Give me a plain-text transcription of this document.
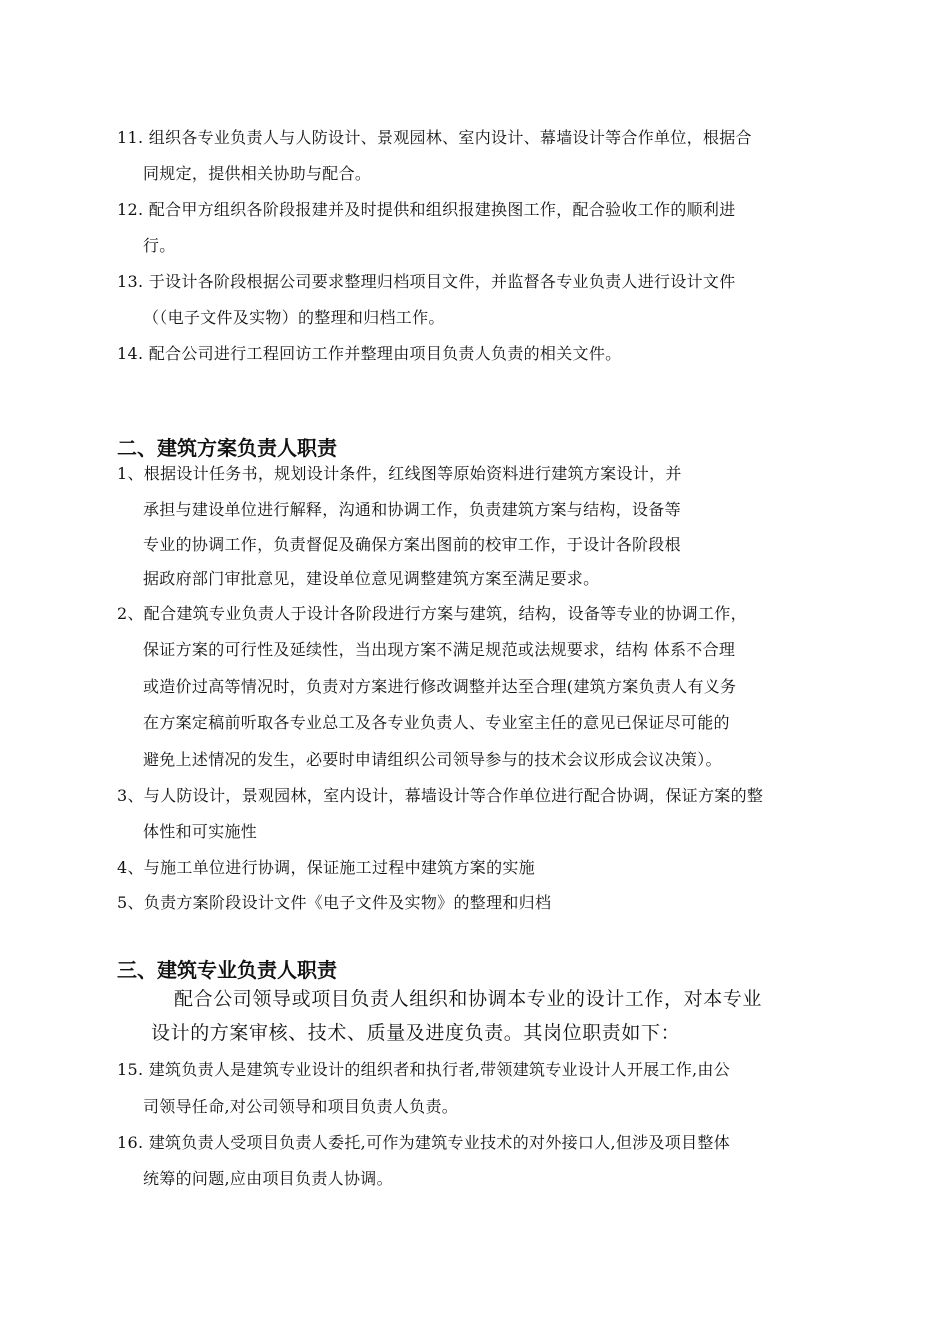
11. 组织各专业负责人与人防设计、景观园林、室内设计、幕墙设计等合作单位，根据合
同规定，提供相关协助与配合。
12. 配合甲方组织各阶段报建并及时提供和组织报建换图工作，配合验收工作的顺利进
行。
13. 于设计各阶段根据公司要求整理归档项目文件，并监督各专业负责人进行设计文件
（（电子文件及实物）的整理和归档工作。
14. 配合公司进行工程回访工作并整理由项目负责人负责的相关文件。
二、建筑方案负责人职责
1、根据设计任务书，规划设计条件，红线图等原始资料进行建筑方案设计，并
承担与建设单位进行解释，沟通和协调工作，负责建筑方案与结构，设备等
专业的协调工作，负责督促及确保方案出图前的校审工作，于设计各阶段根
据政府部门审批意见，建设单位意见调整建筑方案至满足要求。
2、配合建筑专业负责人于设计各阶段进行方案与建筑，结构，设备等专业的协调工作，
保证方案的可行性及延续性，当出现方案不满足规范或法规要求，结构 体系不合理
或造价过高等情况时，负责对方案进行修改调整并达至合理(建筑方案负责人有义务
在方案定稿前听取各专业总工及各专业负责人、专业室主任的意见已保证尽可能的
避免上述情况的发生，必要时申请组织公司领导参与的技术会议形成会议决策）。
3、与人防设计，景观园林，室内设计，幕墙设计等合作单位进行配合协调，保证方案的整
体性和可实施性
4、与施工单位进行协调，保证施工过程中建筑方案的实施
5、负责方案阶段设计文件《电子文件及实物》的整理和归档
三、建筑专业负责人职责
配合公司领导或项目负责人组织和协调本专业的设计工作，对本专业
设计的方案审核、技术、质量及进度负责。其岗位职责如下：
15. 建筑负责人是建筑专业设计的组织者和执行者,带领建筑专业设计人开展工作,由公
司领导任命,对公司领导和项目负责人负责。
16. 建筑负责人受项目负责人委托,可作为建筑专业技术的对外接口人,但涉及项目整体
统筹的问题,应由项目负责人协调。
